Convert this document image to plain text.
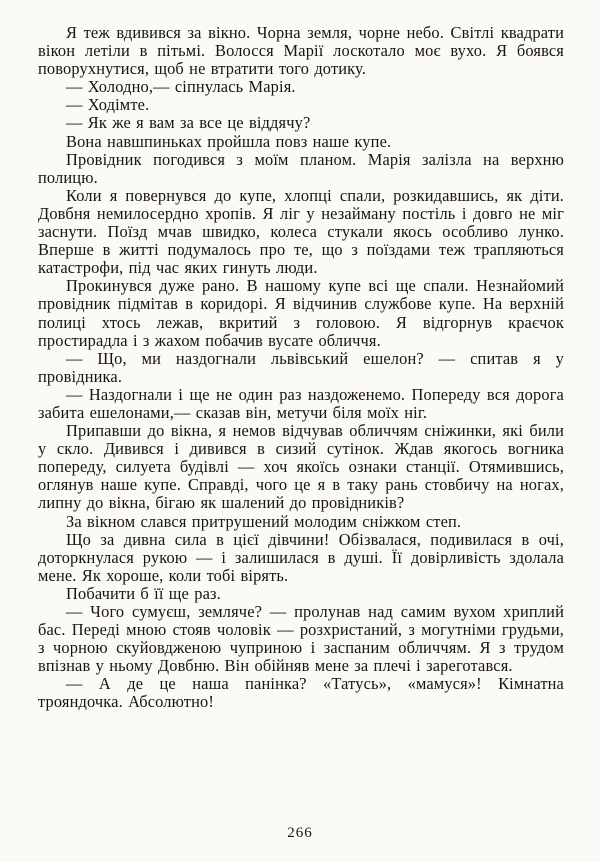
Я теж вдивився за вікно. Чорна земля, чорне небо. Світлі квадрати вікон летіли в пітьмі. Волосся Марії лоскотало моє вухо. Я боявся поворухнутися, щоб не втратити того дотику.

— Холодно,— сіпнулась Марія.

— Ходімте.

— Як же я вам за все це віддячу?

Вона навшпиньках пройшла повз наше купе.

Провідник погодився з моїм планом. Марія залізла на верхню полицю.

Коли я повернувся до купе, хлопці спали, розкидавшись, як діти. Довбня немилосердно хропів. Я ліг у незайману постіль і довго не міг заснути. Поїзд мчав швидко, колеса стукали якось особливо лунко. Вперше в житті подумалось про те, що з поїздами теж трапляються катастрофи, під час яких гинуть люди.

Прокинувся дуже рано. В нашому купе всі ще спали. Незнайомий провідник підмітав в коридорі. Я відчинив службове купе. На верхній полиці хтось лежав, вкритий з головою. Я відгорнув краєчок простирадла і з жахом побачив вусате обличчя.

— Що, ми наздогнали львівський ешелон? — спитав я у провідника.

— Наздогнали і ще не один раз наздоженемо. Попереду вся дорога забита ешелонами,— сказав він, метучи біля моїх ніг.

Припавши до вікна, я немов відчував обличчям сніжинки, які били у скло. Дивився і дивився в сизий сутінок. Ждав якогось вогника попереду, силуета будівлі — хоч якоїсь ознаки станції. Отямившись, оглянув наше купе. Справді, чого це я в таку рань стовбичу на ногах, липну до вікна, бігаю як шалений до провідників?

За вікном слався притрушений молодим сніжком степ.

Що за дивна сила в цієї дівчини! Обізвалася, подивилася в очі, доторкнулася рукою — і залишилася в душі. Її довірливість здолала мене. Як хороше, коли тобі вірять.

Побачити б її ще раз.

— Чого сумуєш, земляче? — пролунав над самим вухом хриплий бас. Переді мною стояв чоловік — розхристаний, з могутніми грудьми, з чорною скуйовдженою чуприною і заспаним обличчям. Я з трудом впізнав у ньому Довбню. Він обійняв мене за плечі і зареготався.

— А де це наша панінка? «Татусь», «мамуся»! Кімнатна трояндочка. Абсолютно!

266
